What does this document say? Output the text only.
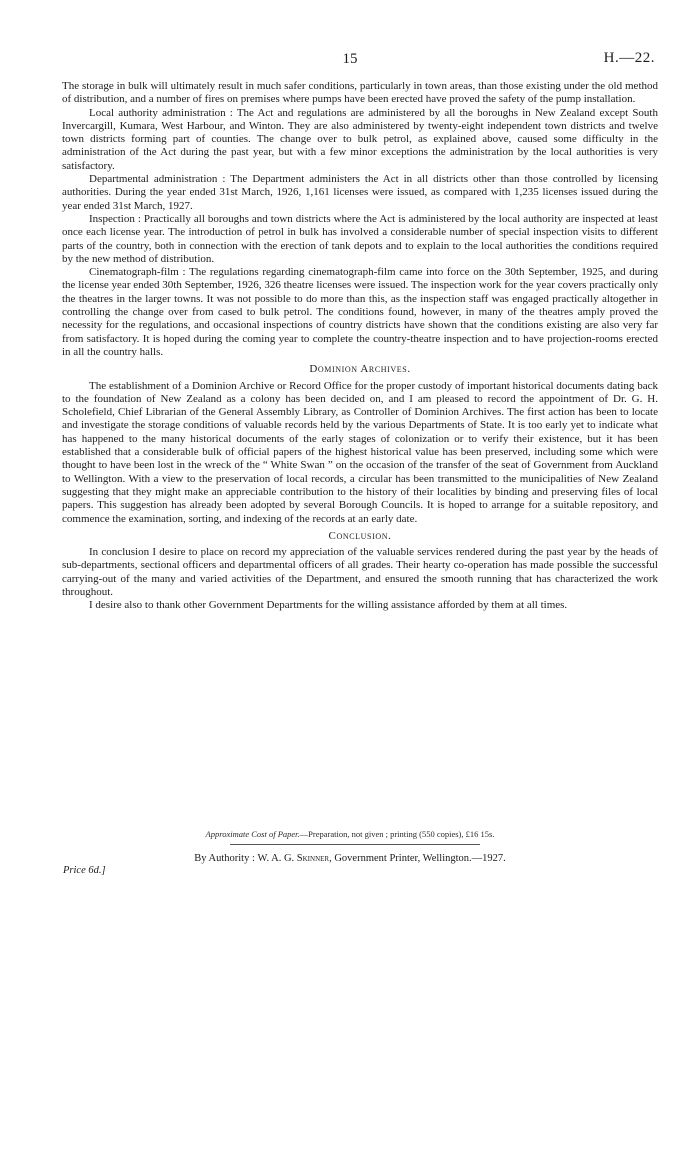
15	H.—22.

The storage in bulk will ultimately result in much safer conditions, particularly in town areas, than those existing under the old method of distribution, and a number of fires on premises where pumps have been erected have proved the safety of the pump installation.

Local authority administration : The Act and regulations are administered by all the boroughs in New Zealand except South Invercargill, Kumara, West Harbour, and Winton. They are also administered by twenty-eight independent town districts and twelve town districts forming part of counties. The change over to bulk petrol, as explained above, caused some difficulty in the administration of the Act during the past year, but with a few minor exceptions the administration by the local authorities is very satisfactory.

Departmental administration : The Department administers the Act in all districts other than those controlled by licensing authorities. During the year ended 31st March, 1926, 1,161 licenses were issued, as compared with 1,235 licenses issued during the year ended 31st March, 1927.

Inspection : Practically all boroughs and town districts where the Act is administered by the local authority are inspected at least once each license year. The introduction of petrol in bulk has involved a considerable number of special inspection visits to different parts of the country, both in connection with the erection of tank depots and to explain to the local authorities the conditions required by the new method of distribution.

Cinematograph-film : The regulations regarding cinematograph-film came into force on the 30th September, 1925, and during the license year ended 30th September, 1926, 326 theatre licenses were issued. The inspection work for the year covers practically only the theatres in the larger towns. It was not possible to do more than this, as the inspection staff was engaged practically altogether in controlling the change over from cased to bulk petrol. The conditions found, however, in many of the theatres amply proved the necessity for the regulations, and occasional inspections of country districts have shown that the conditions existing are also very far from satisfactory. It is hoped during the coming year to complete the country-theatre inspection and to have projection-rooms erected in all the country halls.

Dominion Archives.

The establishment of a Dominion Archive or Record Office for the proper custody of important historical documents dating back to the foundation of New Zealand as a colony has been decided on, and I am pleased to record the appointment of Dr. G. H. Scholefield, Chief Librarian of the General Assembly Library, as Controller of Dominion Archives. The first action has been to locate and investigate the storage conditions of valuable records held by the various Departments of State. It is too early yet to indicate what has happened to the many historical documents of the early stages of colonization or to verify their existence, but it has been established that a considerable bulk of official papers of the highest historical value has been preserved, including some which were thought to have been lost in the wreck of the “ White Swan ” on the occasion of the transfer of the seat of Government from Auckland to Wellington. With a view to the preservation of local records, a circular has been transmitted to the municipalities of New Zealand suggesting that they might make an appreciable contribution to the history of their localities by binding and preserving files of local papers. This suggestion has already been adopted by several Borough Councils. It is hoped to arrange for a suitable repository, and commence the examination, sorting, and indexing of the records at an early date.

Conclusion.

In conclusion I desire to place on record my appreciation of the valuable services rendered during the past year by the heads of sub-departments, sectional officers and departmental officers of all grades. Their hearty co-operation has made possible the successful carrying-out of the many and varied activities of the Department, and ensured the smooth running that has characterized the work throughout.

I desire also to thank other Government Departments for the willing assistance afforded by them at all times.

Approximate Cost of Paper.—Preparation, not given ; printing (550 copies), £16 15s.
By Authority : W. A. G. Skinner, Government Printer, Wellington.—1927.
Price 6d.]
